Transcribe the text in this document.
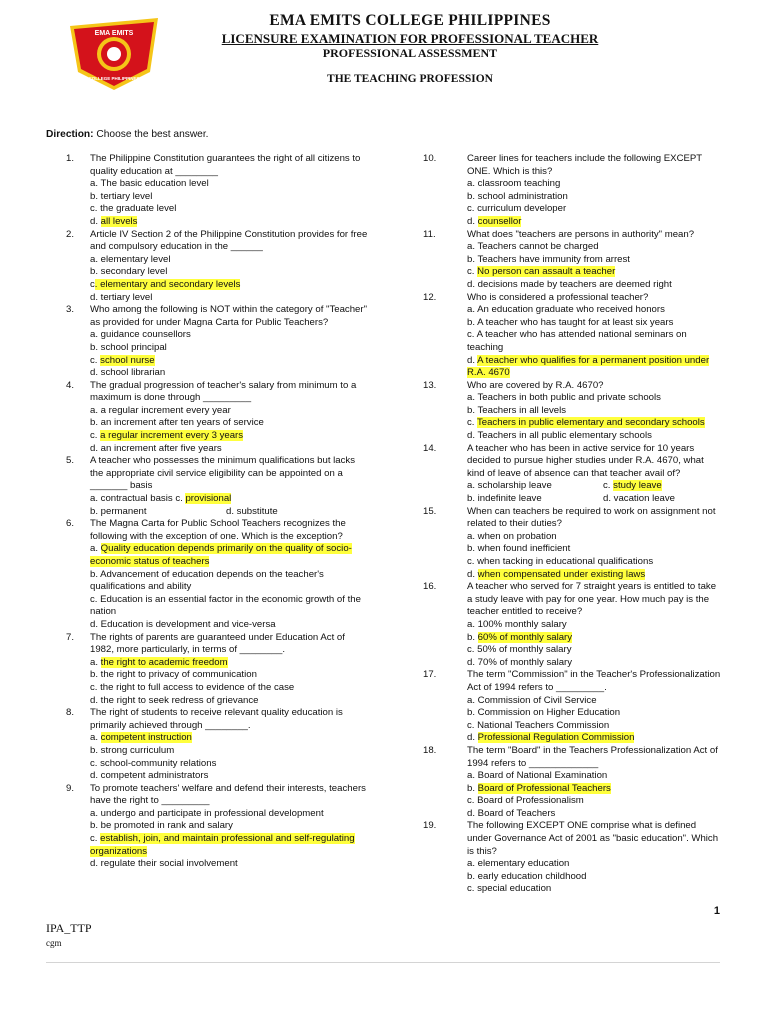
EMA EMITS
COLLEGE PHILIPPINES
EMA EMITS COLLEGE PHILIPPINES
LICENSURE EXAMINATION FOR PROFESSIONAL TEACHER
PROFESSIONAL ASSESSMENT
THE TEACHING PROFESSION
Direction: Choose the best answer.
1. The Philippine Constitution guarantees the right of all citizens to quality education at ________
a. The basic education level
b. tertiary level
c. the graduate level
d. all levels
2. Article IV Section 2 of the Philippine Constitution provides for free and compulsory education in the ______
a. elementary level
b. secondary level
c. elementary and secondary levels
d. tertiary level
3. Who among the following is NOT within the category of "Teacher" as provided for under Magna Carta for Public Teachers?
a. guidance counsellors
b. school principal
c. school nurse
d. school librarian
4. The gradual progression of teacher's salary from minimum to a maximum is done through _________
a. a regular increment every year
b. an increment after ten years of service
c. a regular increment every 3 years
d. an increment after five years
5. A teacher who possesses the minimum qualifications but lacks the appropriate civil service eligibility can be appointed on a _______ basis
a. contractual basis c. provisional
b. permanent	d. substitute
6. The Magna Carta for Public School Teachers recognizes the following with the exception of one. Which is the exception?
a. Quality education depends primarily on the quality of socio-economic status of teachers
b. Advancement of education depends on the teacher's qualifications and ability
c. Education is an essential factor in the economic growth of the nation
d. Education is development and vice-versa
7. The rights of parents are guaranteed under Education Act of 1982, more particularly, in terms of ________.
a. the right to academic freedom
b. the right to privacy of communication
c. the right to full access to evidence of the case
d. the right to seek redress of grievance
8. The right of students to receive relevant quality education is primarily achieved through ________.
a. competent instruction
b. strong curriculum
c. school-community relations
d. competent administrators
9. To promote teachers' welfare and defend their interests, teachers have the right to _________
a. undergo and participate in professional development
b. be promoted in rank and salary
c. establish, join, and maintain professional and self-regulating organizations
d. regulate their social involvement
10.	Career lines for teachers include the following EXCEPT ONE. Which is this?
a. classroom teaching
b. school administration
c. curriculum developer
d. counsellor
11.	What does "teachers are persons in authority" mean?
a. Teachers cannot be charged
b. Teachers have immunity from arrest
c. No person can assault a teacher
d. decisions made by teachers are deemed right
12.	Who is considered a professional teacher?
a. An education graduate who received honors
b. A teacher who has taught for at least six years
c. A teacher who has attended national seminars on teaching
d. A teacher who qualifies for a permanent position under R.A. 4670
13.	Who are covered by R.A. 4670?
a. Teachers in both public and private schools
b. Teachers in all levels
c. Teachers in public elementary and secondary schools
d. Teachers in all public elementary schools
14.	A teacher who has been in active service for 10 years decided to pursue higher studies under R.A. 4670, what kind of leave of absence can that teacher avail of?
a. scholarship leave	c. study leave
b. indefinite leave	d. vacation leave
15.	When can teachers be required to work on assignment not related to their duties?
a. when on probation
b. when found inefficient
c. when tacking in educational qualifications
d. when compensated under existing laws
16.	A teacher who served for 7 straight years is entitled to take a study leave with pay for one year. How much pay is the teacher entitled to receive?
a. 100% monthly salary
b. 60% of monthly salary
c. 50% of monthly salary
d. 70% of monthly salary
17.	The term "Commission" in the Teacher's Professionalization Act of 1994 refers to _________.
a. Commission of Civil Service
b. Commission on Higher Education
c. National Teachers Commission
d. Professional Regulation Commission
18.	The term "Board" in the Teachers Professionalization Act of 1994 refers to _____________
a. Board of National Examination
b. Board of Professional Teachers
c. Board of Professionalism
d. Board of Teachers
19.	The following EXCEPT ONE comprise what is defined under Governance Act of 2001 as "basic education". Which is this?
a. elementary education
b. early education childhood
c. special education
1
IPA_TTP
cgm
